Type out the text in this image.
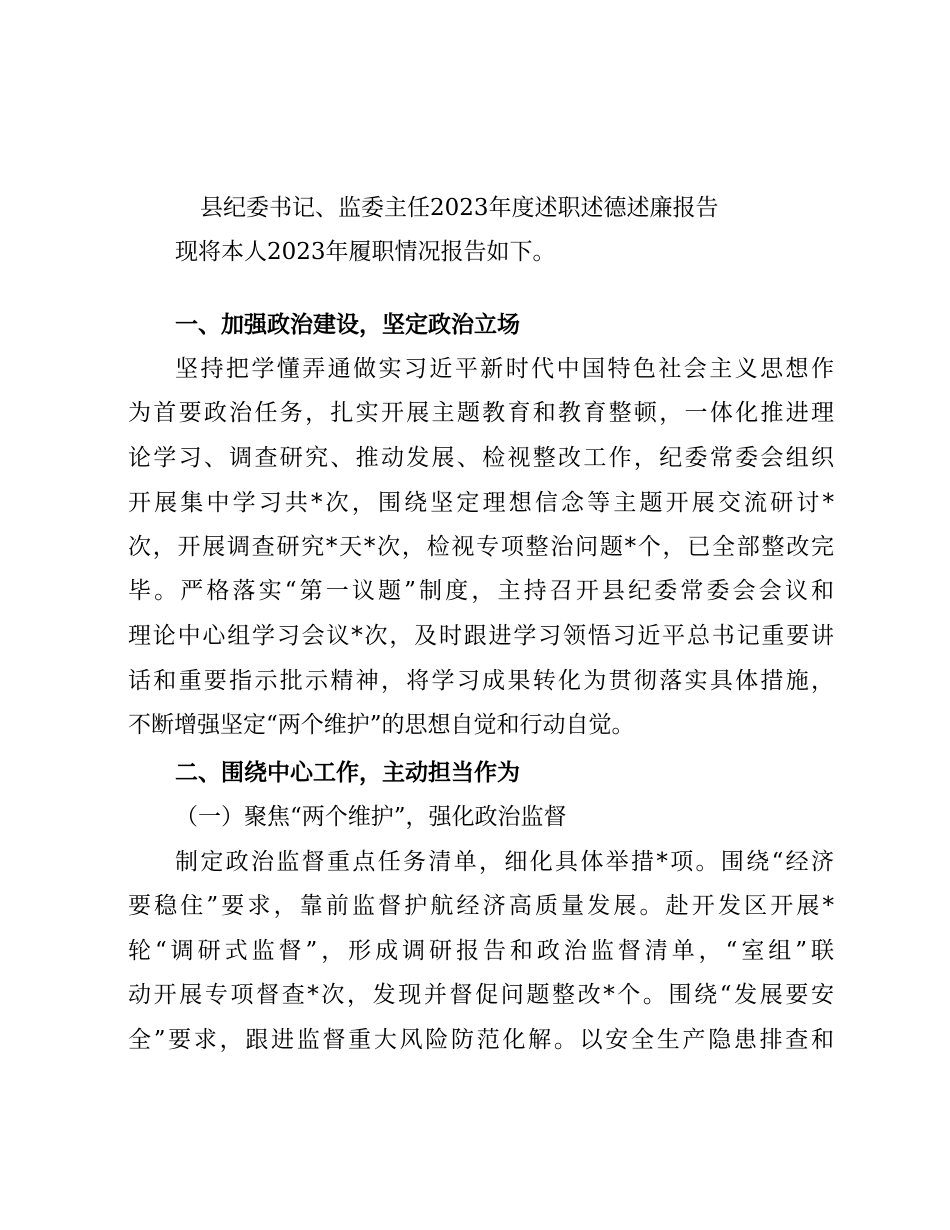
县纪委书记、监委主任2023年度述职述德述廉报告
现将本人2023年履职情况报告如下。
一、加强政治建设，坚定政治立场
坚持把学懂弄通做实习近平新时代中国特色社会主义思想作
为首要政治任务，扎实开展主题教育和教育整顿，一体化推进理
论学习、调查研究、推动发展、检视整改工作，纪委常委会组织
开展集中学习共*次，围绕坚定理想信念等主题开展交流研讨*
次，开展调查研究*天*次，检视专项整治问题*个，已全部整改完
毕。严格落实“第一议题”制度，主持召开县纪委常委会会议和
理论中心组学习会议*次，及时跟进学习领悟习近平总书记重要讲
话和重要指示批示精神，将学习成果转化为贯彻落实具体措施，
不断增强坚定“两个维护”的思想自觉和行动自觉。
二、围绕中心工作，主动担当作为
（一）聚焦“两个维护”，强化政治监督
制定政治监督重点任务清单，细化具体举措*项。围绕“经济
要稳住”要求，靠前监督护航经济高质量发展。赴开发区开展*
轮“调研式监督”，形成调研报告和政治监督清单，“室组”联
动开展专项督查*次，发现并督促问题整改*个。围绕“发展要安
全”要求，跟进监督重大风险防范化解。以安全生产隐患排查和
